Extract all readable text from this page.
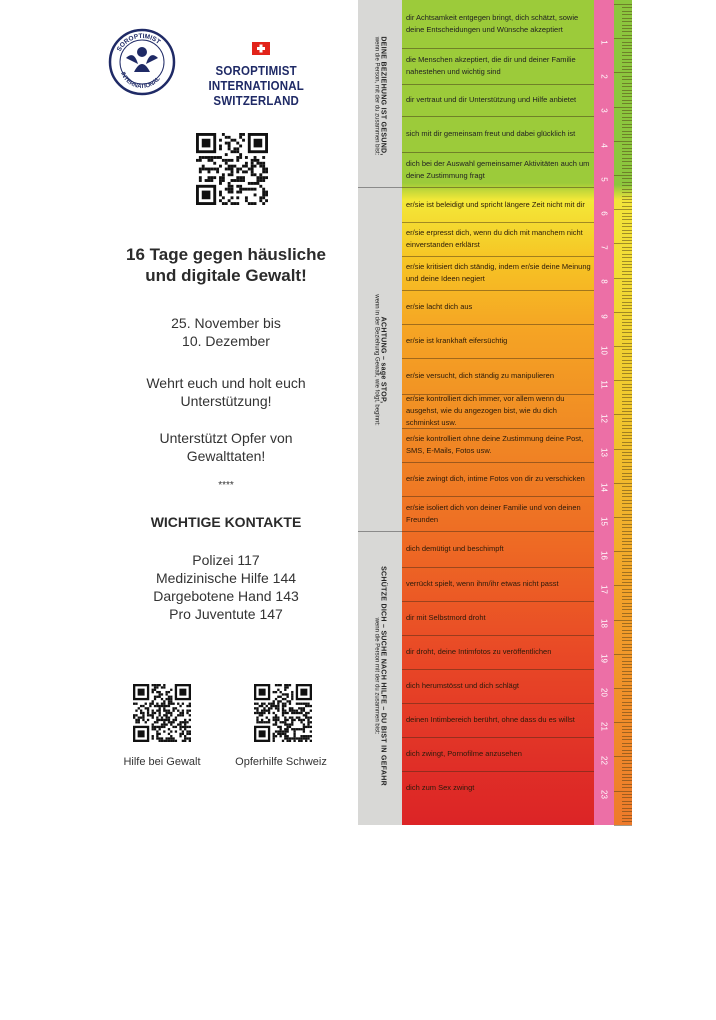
SOROPTIMIST
INTERNATIONAL
SOROPTIMIST INTERNATIONAL
SWITZERLAND
16 Tage gegen häusliche
und digitale Gewalt!
25. November bis
10. Dezember
Wehrt euch und holt euch
Unterstützung!
Unterstützt Opfer von
Gewalttaten!
****
WICHTIGE KONTAKTE
Polizei 117
Medizinische Hilfe 144
Dargebotene Hand 143
Pro Juventute 147
Hilfe bei Gewalt	Opferhilfe Schweiz
DEINE BEZIEHUNG IST GESUND,
wenn die Person, mit der du zusammen bist:
ACHTUNG – sage STOP,
wenn in der Beziehung Gewalt, wie folgt, beginnt:
SCHÜTZE DICH – SUCHE NACH HILFE – DU BIST IN GEFAHR
wenn die Person mit der du zusammen bist:
dir Achtsamkeit entgegen bringt, dich schätzt, sowie deine Entscheidungen und Wünsche akzeptiert
die Menschen akzeptiert, die dir und deiner Familie nahestehen und wichtig sind
dir vertraut und dir Unterstützung und Hilfe anbietet
sich mit dir gemeinsam freut und dabei glücklich ist
dich bei der Auswahl gemeinsamer Aktivitäten auch um deine Zustimmung fragt
er/sie ist beleidigt und spricht längere Zeit nicht mit dir
er/sie erpresst dich, wenn du dich mit manchem nicht einverstanden erklärst
er/sie kritisiert dich ständig, indem er/sie deine Meinung und deine Ideen negiert
er/sie lacht dich aus
er/sie ist krankhaft eifersüchtig
er/sie versucht, dich ständig zu manipulieren
er/sie kontrolliert dich immer, vor allem wenn du ausgehst, wie du angezogen bist, wie du dich schminkst usw.
er/sie kontrolliert ohne deine Zustimmung deine Post, SMS, E-Mails, Fotos usw.
er/sie zwingt dich, intime Fotos von dir zu verschicken
er/sie isoliert dich von deiner Familie und von deinen Freunden
dich demütigt und beschimpft
verrückt spielt, wenn ihm/ihr etwas nicht passt
dir mit Selbstmord droht
dir droht, deine Intimfotos zu veröffentlichen
dich herumstösst und dich schlägt
deinen Intimbereich berührt, ohne dass du es willst
dich zwingt, Pornofilme anzusehen
dich zum Sex zwingt
1
2
3
4
5
6
7
8
9
10
11
12
13
14
15
16
17
18
19
20
21
22
23
24
